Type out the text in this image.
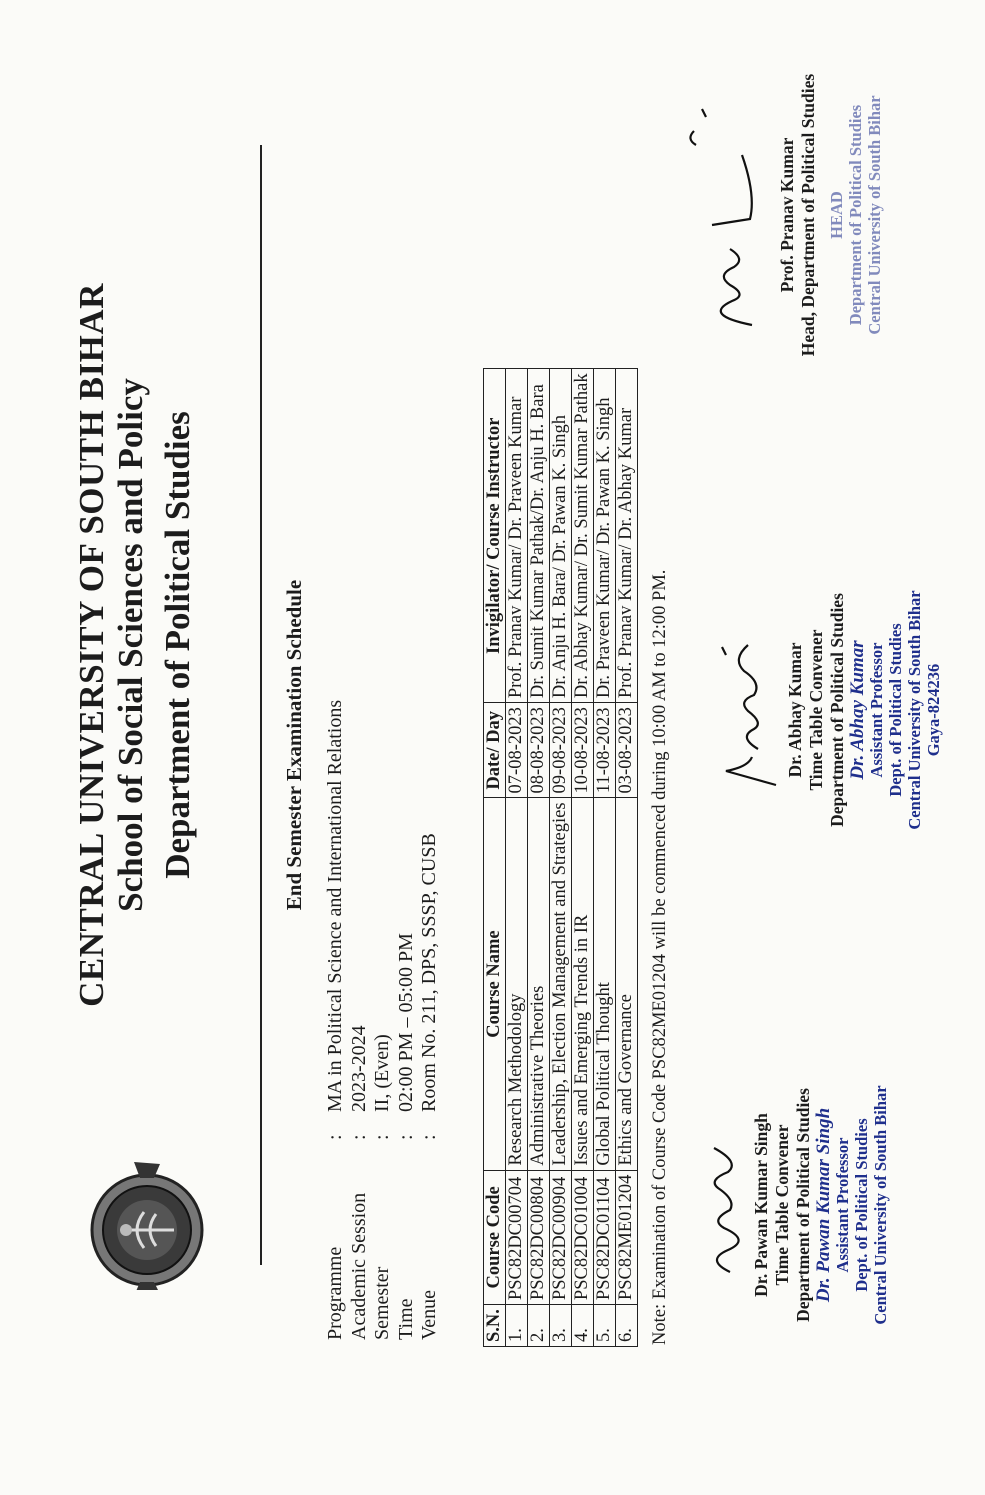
CENTRAL UNIVERSITY OF SOUTH BIHAR School of Social Sciences and Policy Department of Political Studies	End Semester Examination Schedule
Programme
:
MA in Political Science and International Relations
Academic Session
:
2023-2024
Semester
:
II, (Even)
Time
:
02:00 PM – 05:00 PM
Venue
:
Room No. 211, DPS, SSSP, CUSB
S.N.	Course Code	Course Name	Date/ Day	Invigilator/ Course Instructor
1.	PSC82DC00704	Research Methodology	07-08-2023	Prof. Pranav Kumar/ Dr. Praveen Kumar
2.	PSC82DC00804	Administrative Theories	08-08-2023	Dr. Sumit Kumar Pathak/Dr. Anju H. Bara
3.	PSC82DC00904	Leadership, Election Management and Strategies	09-08-2023	Dr. Anju H. Bara/ Dr. Pawan K. Singh
4.	PSC82DC01004	Issues and Emerging Trends in IR	10-08-2023	Dr. Abhay Kumar/ Dr. Sumit Kumar Pathak
5.	PSC82DC01104	Global Political Thought	11-08-2023	Dr. Praveen Kumar/ Dr. Pawan K. Singh
6.	PSC82ME01204	Ethics and Governance	03-08-2023	Prof. Pranav Kumar/ Dr. Abhay Kumar
Note: Examination of Course Code PSC82ME01204 will be commenced during 10:00 AM to 12:00 PM.	Dr. Pawan Kumar Singh Time Table Convener Department of Political Studies Dr. Pawan Kumar Singh Assistant Professor Dept. of Political Studies Central University of South Bihar
Dr. Abhay Kumar Time Table Convener Department of Political Studies Dr. Abhay Kumar Assistant Professor Dept. of Political Studies Central University of South Bihar Gaya-824236
Prof. Pranav Kumar Head, Department of Political Studies HEAD Department of Political Studies Central University of South Bihar
